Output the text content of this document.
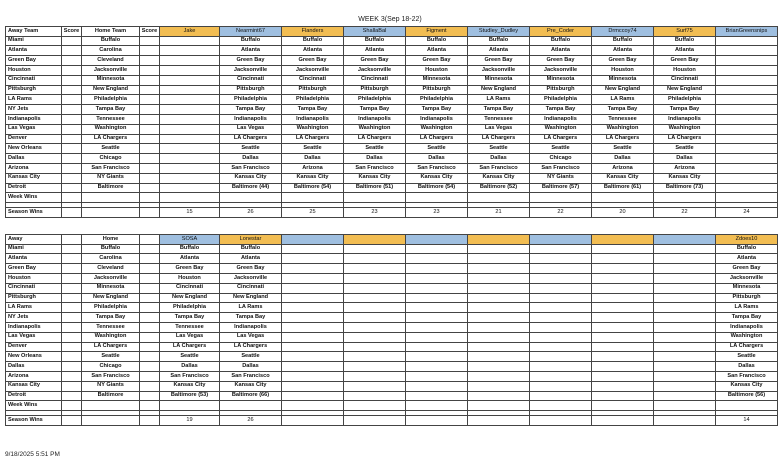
WEEK 3(Sep 18-22)
Away Team	Score	Home Team	Score	Jake	Nearmint67	Flanders	ShallaBal	Figment	Studley_Dudley	Pre_Coder	Drmccoy74	Surf75	BrianGreensnips
Miami		Buffalo			Buffalo	Buffalo	Buffalo	Buffalo	Buffalo	Buffalo	Buffalo	Buffalo	
Atlanta		Carolina			Atlanta	Atlanta	Atlanta	Atlanta	Atlanta	Atlanta	Atlanta	Atlanta	
Green Bay		Cleveland			Green Bay	Green Bay	Green Bay	Green Bay	Green Bay	Green Bay	Green Bay	Green Bay	
Houston		Jacksonville			Jacksonville	Jacksonville	Jacksonville	Houston	Jacksonville	Jacksonville	Houston	Houston	
Cincinnati		Minnesota			Cincinnati	Cincinnati	Cincinnati	Minnesota	Minnesota	Minnesota	Minnesota	Cincinnati	
Pittsburgh		New England			Pittsburgh	Pittsburgh	Pittsburgh	Pittsburgh	New England	Pittsburgh	New England	New England	
LA Rams		Philadelphia			Philadelphia	Philadelphia	Philadelphia	Philadelphia	LA Rams	Philadelphia	LA Rams	Philadelphia	
NY Jets		Tampa Bay			Tampa Bay	Tampa Bay	Tampa Bay	Tampa Bay	Tampa Bay	Tampa Bay	Tampa Bay	Tampa Bay	
Indianapolis		Tennessee			Indianapolis	Indianapolis	Indianapolis	Indianapolis	Tennessee	Indianapolis	Tennessee	Indianapolis	
Las Vegas		Washington			Las Vegas	Washington	Washington	Washington	Las Vegas	Washington	Washington	Washington	
Denver		LA Chargers			LA Chargers	LA Chargers	LA Chargers	LA Chargers	LA Chargers	LA Chargers	LA Chargers	LA Chargers	
New Orleans		Seattle			Seattle	Seattle	Seattle	Seattle	Seattle	Seattle	Seattle	Seattle	
Dallas		Chicago			Dallas	Dallas	Dallas	Dallas	Dallas	Chicago	Dallas	Dallas	
Arizona		San Francisco			San Francisco	Arizona	San Francisco	San Francisco	San Francisco	San Francisco	Arizona	Arizona	
Kansas City		NY Giants			Kansas City	Kansas City	Kansas City	Kansas City	Kansas City	NY Giants	Kansas City	Kansas City	
Detroit		Baltimore			Baltimore (44)	Baltimore (54)	Baltimore (51)	Baltimore (54)	Baltimore (52)	Baltimore (57)	Baltimore (61)	Baltimore (73)	
Week Wins													

Season Wins				15	26	25	23	23	21	22	20	22	24
Away		Home		SOSA	Lonestar								Zdoes10
Miami		Buffalo		Buffalo	Buffalo								Buffalo
Atlanta		Carolina		Atlanta	Atlanta								Atlanta
Green Bay		Cleveland		Green Bay	Green Bay								Green Bay
Houston		Jacksonville		Houston	Jacksonville								Jacksonville
Cincinnati		Minnesota		Cincinnati	Cincinnati								Minnesota
Pittsburgh		New England		New England	New England								Pittsburgh
LA Rams		Philadelphia		Philadelphia	LA Rams								LA Rams
NY Jets		Tampa Bay		Tampa Bay	Tampa Bay								Tampa Bay
Indianapolis		Tennessee		Tennessee	Indianapolis								Indianapolis
Las Vegas		Washington		Las Vegas	Las Vegas								Washington
Denver		LA Chargers		LA Chargers	LA Chargers								LA Chargers
New Orleans		Seattle		Seattle	Seattle								Seattle
Dallas		Chicago		Dallas	Dallas								Dallas
Arizona		San Francisco		San Francisco	San Francisco								San Francisco
Kansas City		NY Giants		Kansas City	Kansas City								Kansas City
Detroit		Baltimore		Baltimore (53)	Baltimore (66)								Baltimore (56)
Week Wins													

Season Wins				19	26								14
9/18/2025 5:51 PM
